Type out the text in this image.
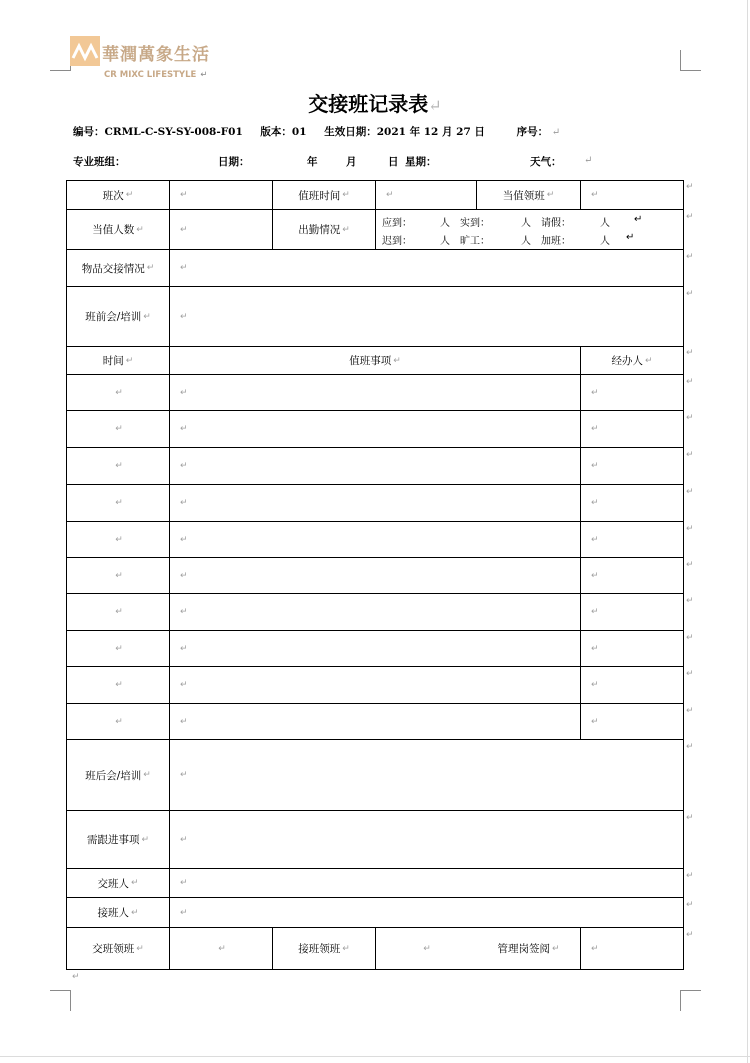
華潤萬象生活
CR MIXC LIFESTYLE ↵
交接班记录表↵
编号：CRML-C-SY-SY-008-F01 版本：01 生效日期：2021 年 12 月 27 日	序号： ↵
专业班组：	日期：	年	月	日 星期：	天气： ↵
班次 ↵	↵	值班时间 ↵	↵	当值领班 ↵	↵
当值人数 ↵	↵	出勤情况 ↵
应到：	人 实到：	人 请假：	人 ↵
迟到：	人 旷工：	人 加班：	人 ↵
物品交接情况 ↵	↵
班前会/培训 ↵	↵
时间 ↵	值班事项 ↵	经办人 ↵
↵	↵	↵
↵	↵	↵
↵	↵	↵
↵	↵	↵
↵	↵	↵
↵	↵	↵
↵	↵	↵
↵	↵	↵
↵	↵	↵
↵	↵	↵
班后会/培训 ↵	↵
需跟进事项 ↵	↵
交班人 ↵	↵
接班人 ↵	↵
交班领班 ↵	↵	接班领班 ↵	↵	管理岗签阅 ↵	↵
↵
↵
↵
↵
↵
↵
↵
↵
↵
↵
↵
↵
↵
↵
↵
↵
↵
↵
↵
↵
↵
